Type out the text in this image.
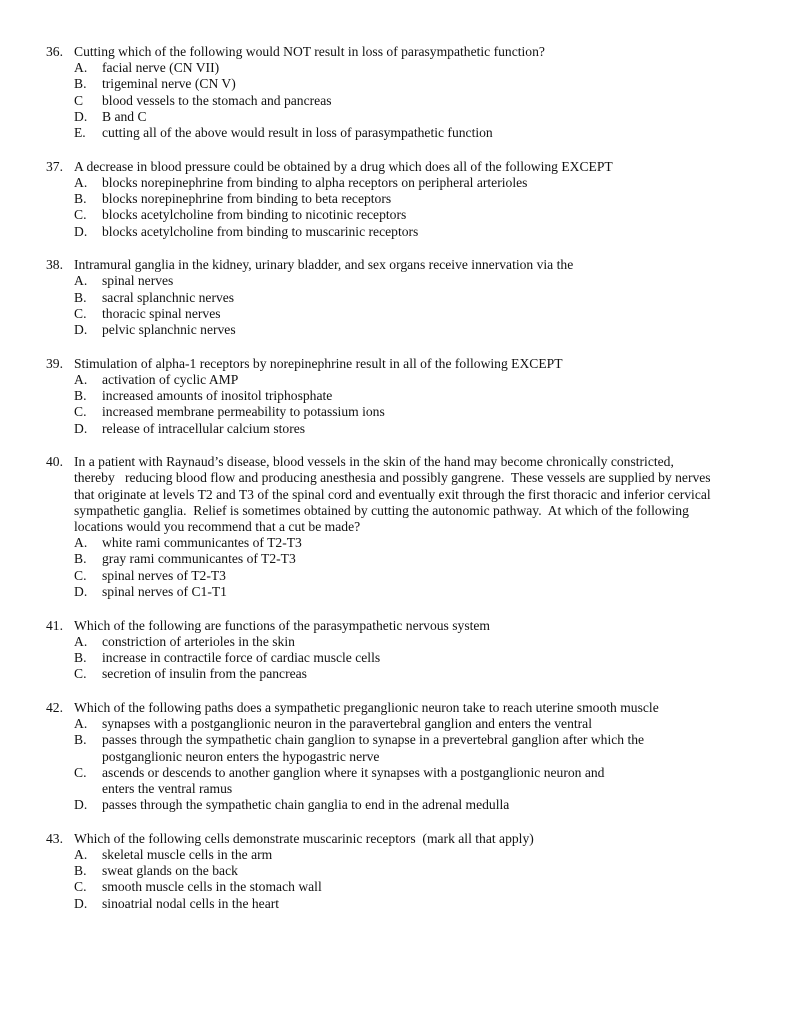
36. Cutting which of the following would NOT result in loss of parasympathetic function?
A.	facial nerve (CN VII)
B.	trigeminal nerve (CN V)
C	blood vessels to the stomach and pancreas
D.	B and C
E.	cutting all of the above would result in loss of parasympathetic function
37. A decrease in blood pressure could be obtained by a drug which does all of the following EXCEPT
A.	blocks norepinephrine from binding to alpha receptors on peripheral arterioles
B.	blocks norepinephrine from binding to beta receptors
C.	blocks acetylcholine from binding to nicotinic receptors
D.	blocks acetylcholine from binding to muscarinic receptors
38. Intramural ganglia in the kidney, urinary bladder, and sex organs receive innervation via the
A.	spinal nerves
B.	sacral splanchnic nerves
C.	thoracic spinal nerves
D.	pelvic splanchnic nerves
39. Stimulation of alpha-1 receptors by norepinephrine result in all of the following EXCEPT
A.	activation of cyclic AMP
B.	increased amounts of inositol triphosphate
C.	increased membrane permeability to potassium ions
D.	release of intracellular calcium stores
40. In a patient with Raynaud’s disease, blood vessels in the skin of the hand may become chronically constricted,
thereby   reducing blood flow and producing anesthesia and possibly gangrene.  These vessels are supplied by nerves
that originate at levels T2 and T3 of the spinal cord and eventually exit through the first thoracic and inferior cervical
sympathetic ganglia.  Relief is sometimes obtained by cutting the autonomic pathway.  At which of the following
locations would you recommend that a cut be made?
A.	white rami communicantes of T2-T3
B.	gray rami communicantes of T2-T3
C.	spinal nerves of T2-T3
D.	spinal nerves of C1-T1
41. Which of the following are functions of the parasympathetic nervous system
A.	constriction of arterioles in the skin
B.	increase in contractile force of cardiac muscle cells
C.	secretion of insulin from the pancreas
42. Which of the following paths does a sympathetic preganglionic neuron take to reach uterine smooth muscle
A.	synapses with a postganglionic neuron in the paravertebral ganglion and enters the ventral
B.	passes through the sympathetic chain ganglion to synapse in a prevertebral ganglion after which the
postganglionic neuron enters the hypogastric nerve
C.	ascends or descends to another ganglion where it synapses with a postganglionic neuron and
enters the ventral ramus
D.	passes through the sympathetic chain ganglia to end in the adrenal medulla
43. Which of the following cells demonstrate muscarinic receptors  (mark all that apply)
A.	skeletal muscle cells in the arm
B.	sweat glands on the back
C.	smooth muscle cells in the stomach wall
D.	sinoatrial nodal cells in the heart
